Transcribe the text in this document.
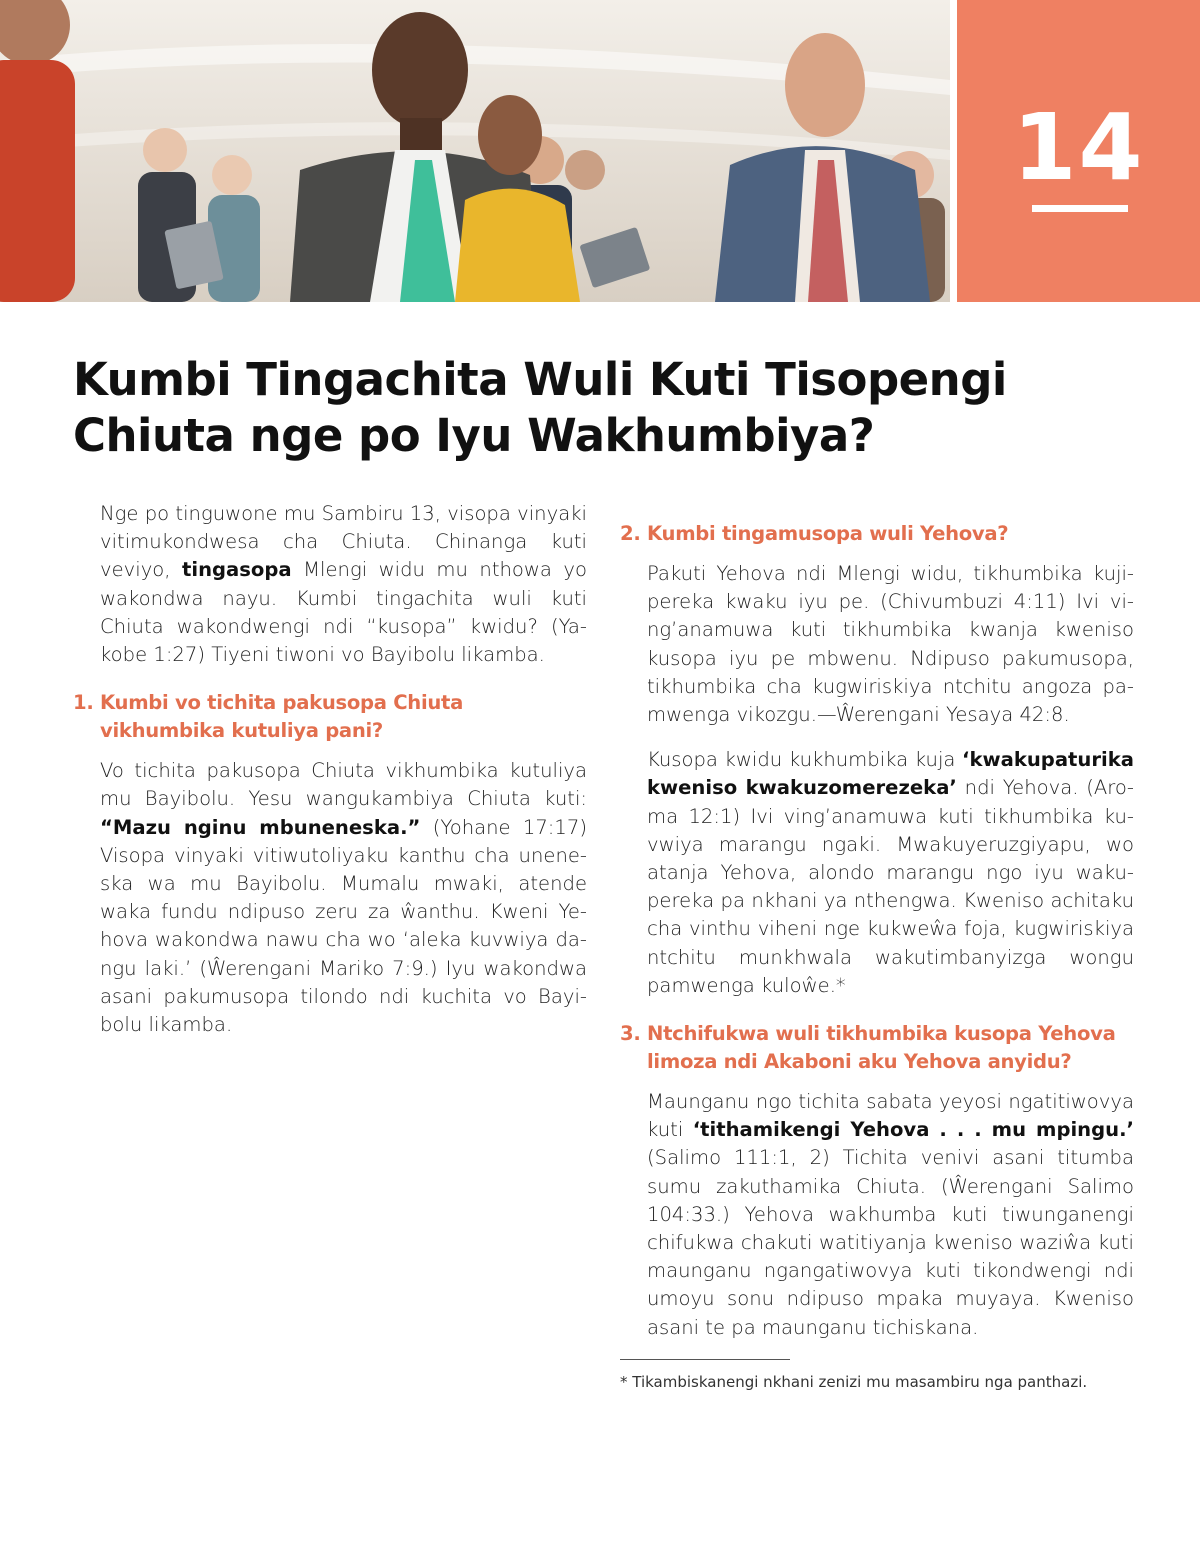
14
Kumbi Tingachita Wuli Kuti Tisopengi
Chiuta nge po Iyu Wakhumbiya?

Nge po tinguwone mu Sambiru 13, visopa vinyaki vitimukondwesa cha Chiuta. Chinanga kuti veviyo, tingasopa Mlengi widu mu nthowa yo wakondwa nayu. Kumbi tingachita wuli kuti Chiuta wakondwengi ndi “kusopa” kwidu? (Yakobe 1:27) Tiyeni tiwoni vo Bayibolu likamba.

1. Kumbi vo tichita pakusopa Chiuta vikhumbika kutuliya pani?

Vo tichita pakusopa Chiuta vikhumbika kutuliya mu Bayibolu. Yesu wangukambiya Chiuta kuti: “Mazu nginu mbuneneska.” (Yohane 17:17) Visopa vinyaki vitiwutoliyaku kanthu cha uneneska wa mu Bayibolu. Mumalu mwaki, atende waka fundu ndipuso zeru za ŵanthu. Kweni Yehova wakondwa nawu cha wo ‘aleka kuvwiya dangu laki.’ (Ŵerengani Mariko 7:9.) Iyu wakondwa asani pakumusopa tilondo ndi kuchita vo Bayibolu likamba.

2. Kumbi tingamusopa wuli Yehova?

Pakuti Yehova ndi Mlengi widu, tikhumbika kujipereka kwaku iyu pe. (Chivumbuzi 4:11) Ivi ving’anamuwa kuti tikhumbika kwanja kweniso kusopa iyu pe mbwenu. Ndipuso pakumusopa, tikhumbika cha kugwiriskiya ntchitu angoza pamwenga vikozgu.—Ŵerengani Yesaya 42:8.

Kusopa kwidu kukhumbika kuja ‘kwakupaturika kweniso kwakuzomerezeka’ ndi Yehova. (Aroma 12:1) Ivi ving’anamuwa kuti tikhumbika kuvwiya marangu ngaki. Mwakuyeruzgiyapu, wo atanja Yehova, alondo marangu ngo iyu wakupereka pa nkhani ya nthengwa. Kweniso achitaku cha vinthu viheni nge kukweŵa foja, kugwiriskiya ntchitu munkhwala wakutimbanyizga wongu pamwenga kuloŵe.*

3. Ntchifukwa wuli tikhumbika kusopa Yehova limoza ndi Akaboni aku Yehova anyidu?

Maunganu ngo tichita sabata yeyosi ngatitiwovya kuti ‘tithamikengi Yehova . . . mu mpingu.’ (Salimo 111:1, 2) Tichita venivi asani titumba sumu zakuthamika Chiuta. (Ŵerengani Salimo 104:33.) Yehova wakhumba kuti tiwunganengi chifukwa chakuti watitiyanja kweniso waziŵa kuti maunganu ngangatiwovya kuti tikondwengi ndi umoyu sonu ndipuso mpaka muyaya. Kweniso asani te pa maunganu tichiskana.

* Tikambiskanengi nkhani zenizi mu masambiru nga panthazi.
